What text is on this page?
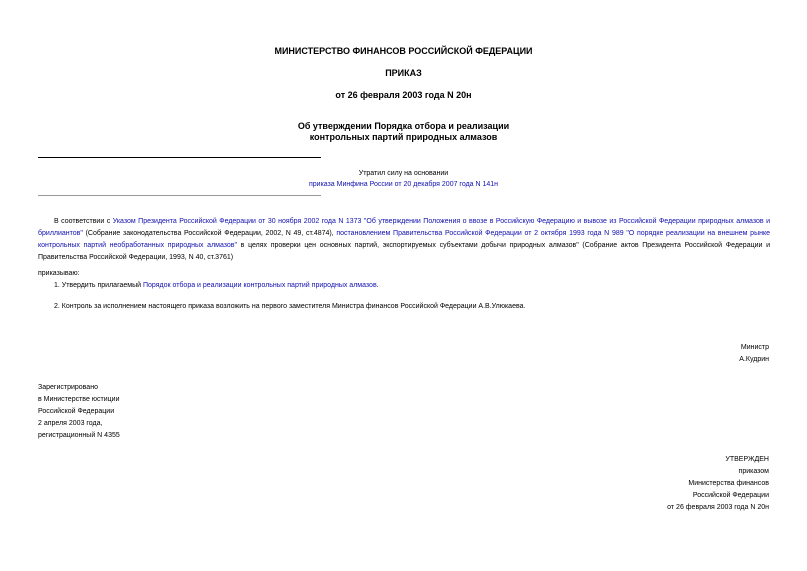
МИНИСТЕРСТВО ФИНАНСОВ РОССИЙСКОЙ ФЕДЕРАЦИИ
ПРИКАЗ
от 26 февраля 2003 года N 20н
Об утверждении Порядка отбора и реализации
контрольных партий природных алмазов
Утратил силу на основании
приказа Минфина России от 20 декабря 2007 года N 141н
В соответствии с Указом Президента Российской Федерации от 30 ноября 2002 года N 1373 "Об утверждении Положения о ввозе в Российскую Федерацию и вывозе из Российской Федерации природных алмазов и бриллиантов" (Собрание законодательства Российской Федерации, 2002, N 49, ст.4874), постановлением Правительства Российской Федерации от 2 октября 1993 года N 989 "О порядке реализации на внешнем рынке контрольных партий необработанных природных алмазов" в целях проверки цен основных партий, экспортируемых субъектами добычи природных алмазов" (Собрание актов Президента Российской Федерации и Правительства Российской Федерации, 1993, N 40, ст.3761)
приказываю:
1. Утвердить прилагаемый Порядок отбора и реализации контрольных партий природных алмазов.
2. Контроль за исполнением настоящего приказа возложить на первого заместителя Министра финансов Российской Федерации А.В.Улюкаева.
Министр
А.Кудрин
Зарегистрировано
в Министерстве юстиции
Российской Федерации
2 апреля 2003 года,
регистрационный N 4355
УТВЕРЖДЕН
приказом
Министерства финансов
Российской Федерации
от 26 февраля 2003 года N 20н
